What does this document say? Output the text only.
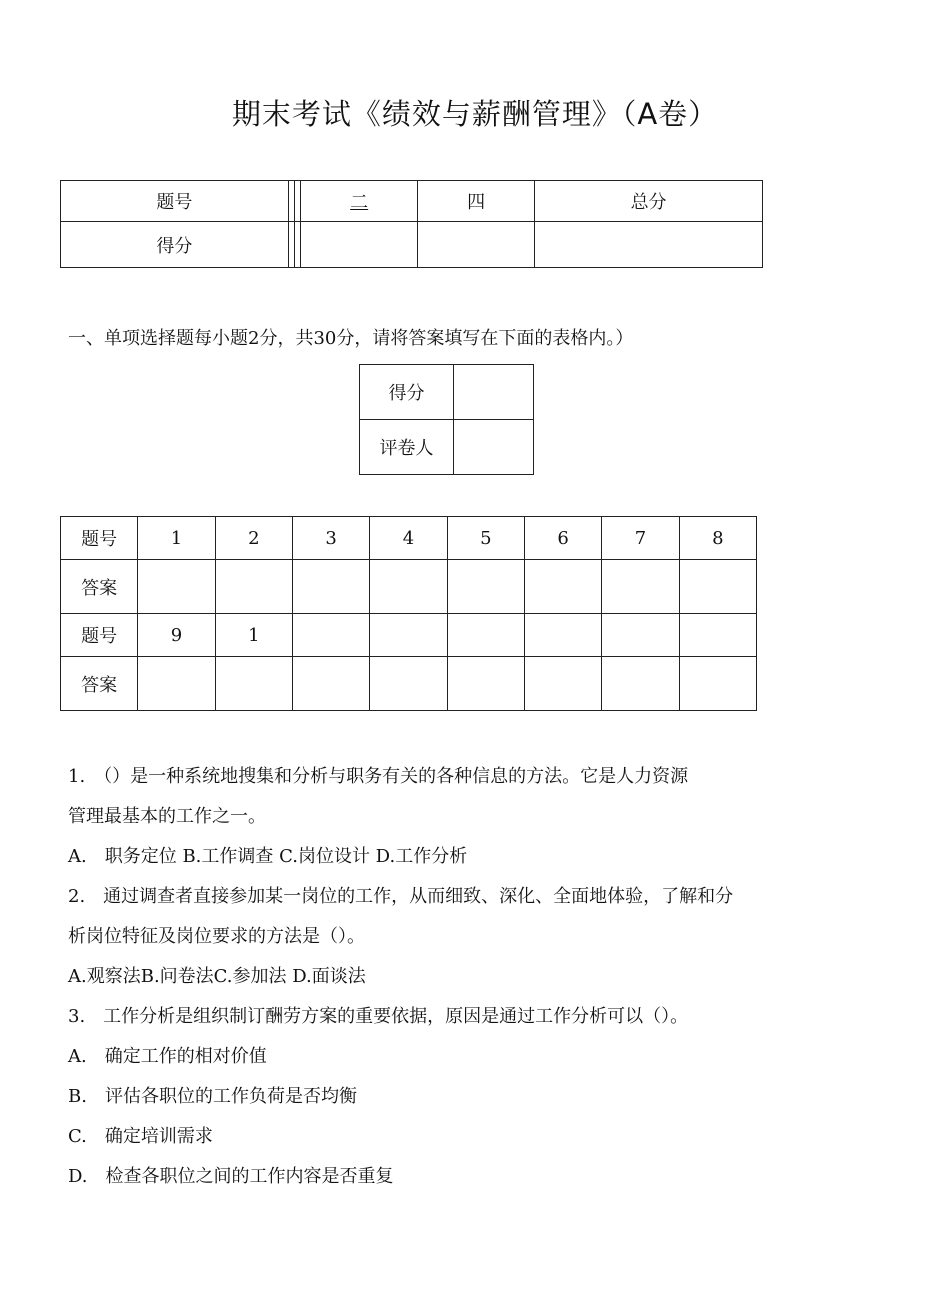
期末考试《绩效与薪酬管理》（A卷）
题号			二	四	总分
得分					
一、单项选择题每小题2分，共30分，请将答案填写在下面的表格内。）
得分	
评卷人	
题号	1	2	3	4	5	6	7	8
答案								
题号	9	1						
答案								
1.　（）是一种系统地搜集和分析与职务有关的各种信息的方法。它是人力资源
管理最基本的工作之一。
A.　职务定位 B.工作调查 C.岗位设计 D.工作分析
2.　通过调查者直接参加某一岗位的工作，从而细致、深化、全面地体验，了解和分
析岗位特征及岗位要求的方法是（）。
A.观察法B.问卷法C.参加法 D.面谈法
3.　工作分析是组织制订酬劳方案的重要依据，原因是通过工作分析可以（）。
A.　确定工作的相对价值
B.　评估各职位的工作负荷是否均衡
C.　确定培训需求
D.　检查各职位之间的工作内容是否重复
